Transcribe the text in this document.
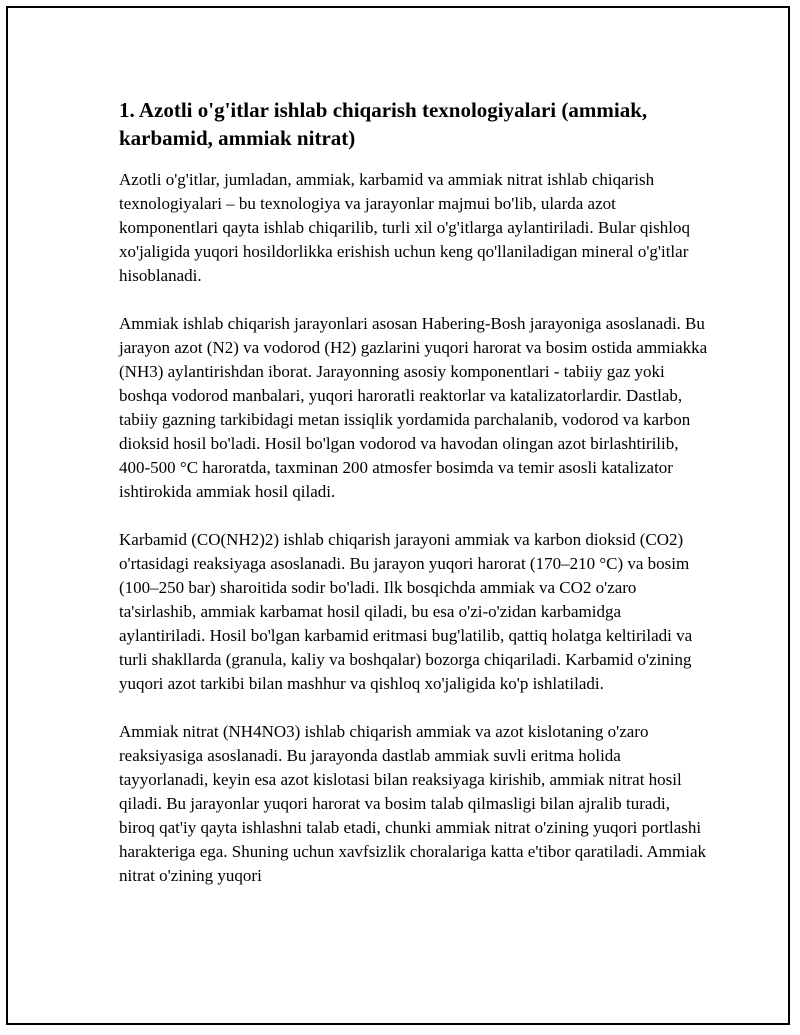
1. Azotli o'g'itlar ishlab chiqarish texnologiyalari (ammiak, karbamid, ammiak nitrat)

Azotli o'g'itlar, jumladan, ammiak, karbamid va ammiak nitrat ishlab chiqarish texnologiyalari – bu texnologiya va jarayonlar majmui bo'lib, ularda azot komponentlari qayta ishlab chiqarilib, turli xil o'g'itlarga aylantiriladi. Bular qishloq xo'jaligida yuqori hosildorlikka erishish uchun keng qo'llaniladigan mineral o'g'itlar hisoblanadi.

Ammiak ishlab chiqarish jarayonlari asosan Habering-Bosh jarayoniga asoslanadi. Bu jarayon azot (N2) va vodorod (H2) gazlarini yuqori harorat va bosim ostida ammiakka (NH3) aylantirishdan iborat. Jarayonning asosiy komponentlari - tabiiy gaz yoki boshqa vodorod manbalari, yuqori haroratli reaktorlar va katalizatorlardir. Dastlab, tabiiy gazning tarkibidagi metan issiqlik yordamida parchalanib, vodorod va karbon dioksid hosil bo'ladi. Hosil bo'lgan vodorod va havodan olingan azot birlashtirilib, 400-500 °C haroratda, taxminan 200 atmosfer bosimda va temir asosli katalizator ishtirokida ammiak hosil qiladi.

Karbamid (CO(NH2)2) ishlab chiqarish jarayoni ammiak va karbon dioksid (CO2) o'rtasidagi reaksiyaga asoslanadi. Bu jarayon yuqori harorat (170–210 °C) va bosim (100–250 bar) sharoitida sodir bo'ladi. Ilk bosqichda ammiak va CO2 o'zaro ta'sirlashib, ammiak karbamat hosil qiladi, bu esa o'zi-o'zidan karbamidga aylantiriladi. Hosil bo'lgan karbamid eritmasi bug'latilib, qattiq holatga keltiriladi va turli shakllarda (granula, kaliy va boshqalar) bozorga chiqariladi. Karbamid o'zining yuqori azot tarkibi bilan mashhur va qishloq xo'jaligida ko'p ishlatiladi.

Ammiak nitrat (NH4NO3) ishlab chiqarish ammiak va azot kislotaning o'zaro reaksiyasiga asoslanadi. Bu jarayonda dastlab ammiak suvli eritma holida tayyorlanadi, keyin esa azot kislotasi bilan reaksiyaga kirishib, ammiak nitrat hosil qiladi. Bu jarayonlar yuqori harorat va bosim talab qilmasligi bilan ajralib turadi, biroq qat'iy qayta ishlashni talab etadi, chunki ammiak nitrat o'zining yuqori portlashi harakteriga ega. Shuning uchun xavfsizlik choralariga katta e'tibor qaratiladi. Ammiak nitrat o'zining yuqori
